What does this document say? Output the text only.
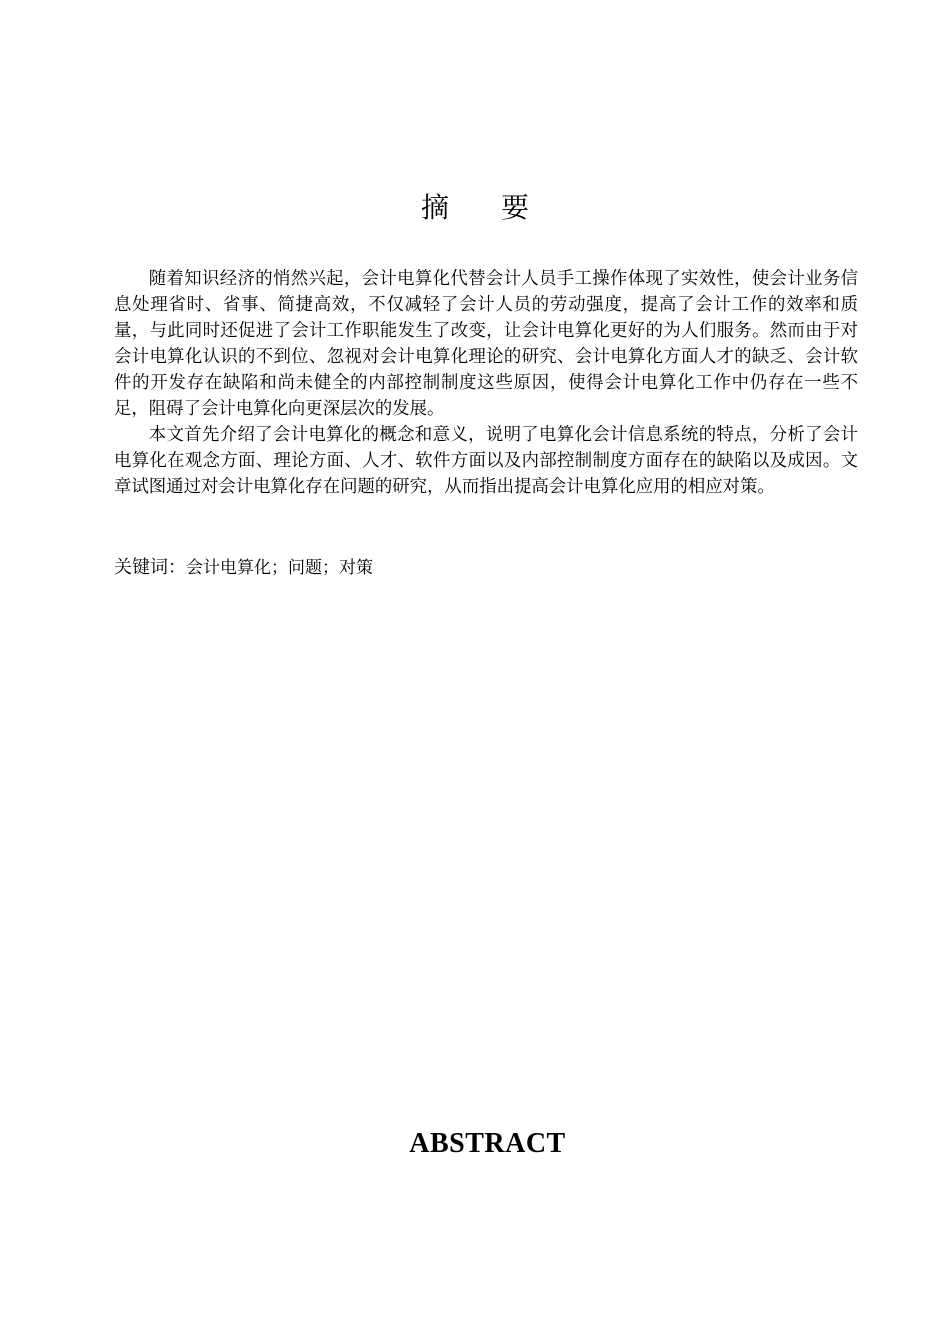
摘要

随着知识经济的悄然兴起，会计电算化代替会计人员手工操作体现了实效性，使会计业务信息处理省时、省事、简捷高效，不仅减轻了会计人员的劳动强度，提高了会计工作的效率和质量，与此同时还促进了会计工作职能发生了改变，让会计电算化更好的为人们服务。然而由于对会计电算化认识的不到位、忽视对会计电算化理论的研究、会计电算化方面人才的缺乏、会计软件的开发存在缺陷和尚未健全的内部控制制度这些原因，使得会计电算化工作中仍存在一些不足，阻碍了会计电算化向更深层次的发展。

本文首先介绍了会计电算化的概念和意义，说明了电算化会计信息系统的特点，分析了会计电算化在观念方面、理论方面、人才、软件方面以及内部控制制度方面存在的缺陷以及成因。文章试图通过对会计电算化存在问题的研究，从而指出提高会计电算化应用的相应对策。

关键词：会计电算化；问题；对策
ABSTRACT
